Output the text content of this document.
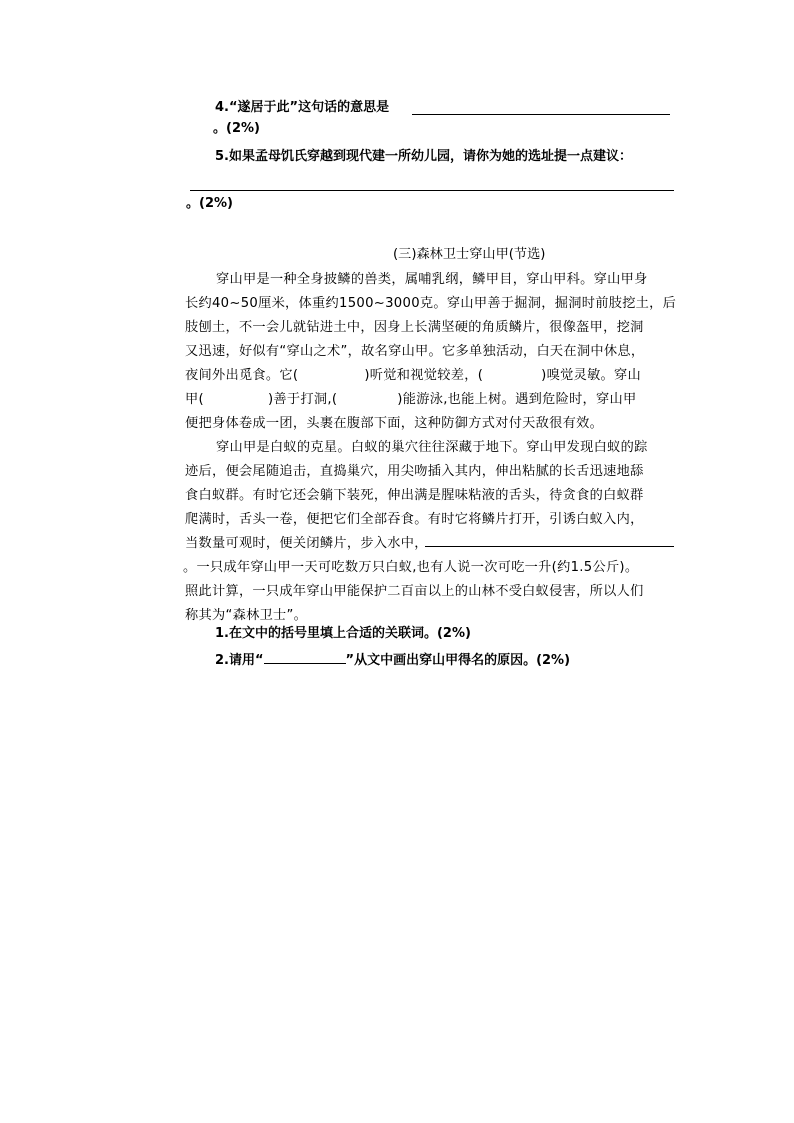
4.“遂居于此”这句话的意思是
。(2%)
5.如果孟母饥氏穿越到现代建一所幼儿园，请你为她的选址提一点建议：
。(2%)
(三)森林卫士穿山甲(节选)
穿山甲是一种全身披鳞的兽类，属哺乳纲，鳞甲目，穿山甲科。穿山甲身
长约40~50厘米，体重约1500~3000克。穿山甲善于掘洞，掘洞时前肢挖土，后
肢刨土，不一会儿就钻进土中，因身上长满坚硬的角质鳞片，很像盔甲，挖洞
又迅速，好似有“穿山之术”，故名穿山甲。它多单独活动，白天在洞中休息，
夜间外出觅食。它(	)听觉和视觉较差，(	)嗅觉灵敏。穿山
甲(	)善于打洞,(	)能游泳,也能上树。遇到危险时，穿山甲
便把身体卷成一团，头裹在腹部下面，这种防御方式对付天敌很有效。
穿山甲是白蚁的克星。白蚁的巢穴往往深藏于地下。穿山甲发现白蚁的踪
迹后，便会尾随追击，直捣巢穴，用尖吻插入其内，伸出粘腻的长舌迅速地舔
食白蚁群。有时它还会躺下装死，伸出满是腥味粘液的舌头，待贪食的白蚁群
爬满时，舌头一卷，便把它们全部吞食。有时它将鳞片打开，引诱白蚁入内，
当数量可观时，便关闭鳞片，步入水中，
。一只成年穿山甲一天可吃数万只白蚁,也有人说一次可吃一升(约1.5公斤)。
照此计算，一只成年穿山甲能保护二百亩以上的山林不受白蚁侵害，所以人们
称其为“森林卫士”。
1.在文中的括号里填上合适的关联词。(2%)
2.请用“	”从文中画出穿山甲得名的原因。(2%)
